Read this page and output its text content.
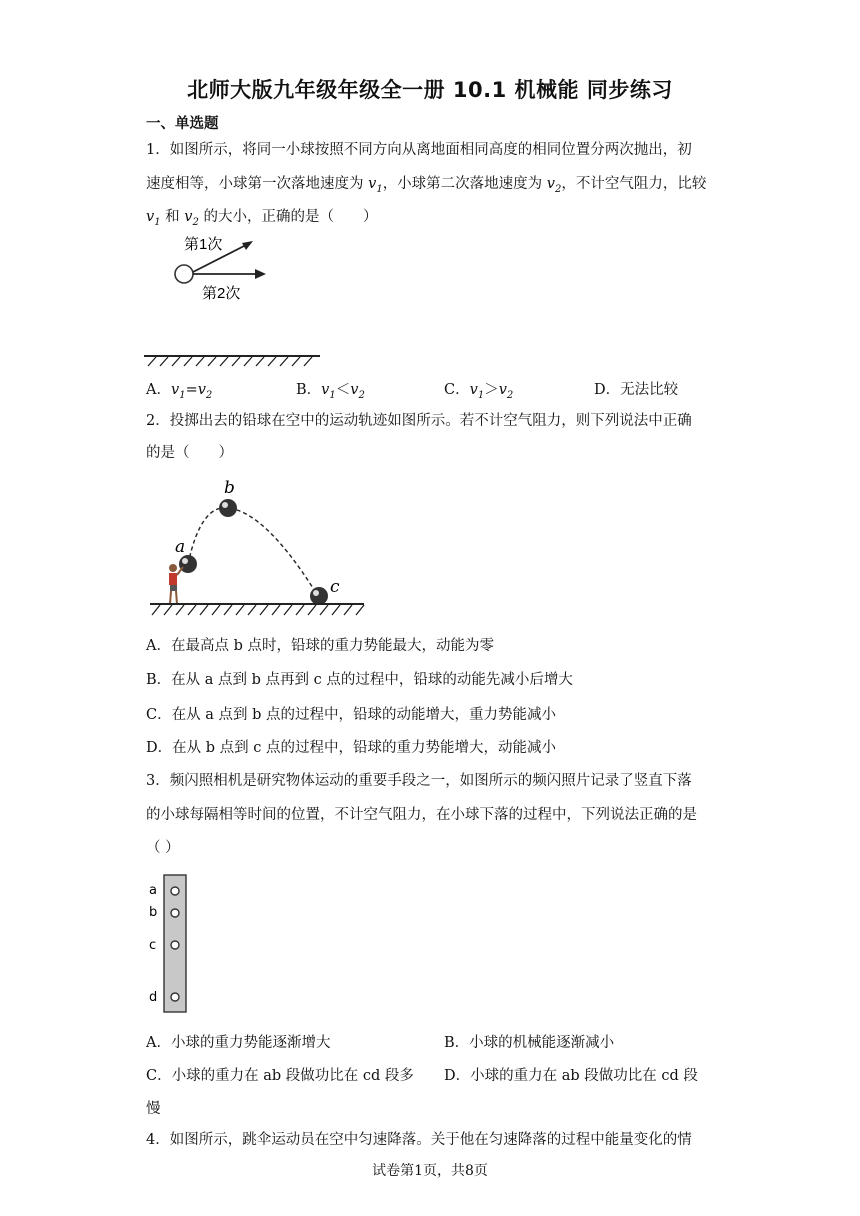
北师大版九年级年级全一册 10.1 机械能 同步练习
一、单选题
1．如图所示，将同一小球按照不同方向从离地面相同高度的相同位置分两次抛出，初
速度相等，小球第一次落地速度为 $v_1$，小球第二次落地速度为 $v_2$，不计空气阻力，比较
$v_1$ 和 $v_2$ 的大小，正确的是（　　）
第1次
第2次
A．$v_1=v_2$	B．$v_1<v_2$	C．$v_1>v_2$	D．无法比较
2．投掷出去的铅球在空中的运动轨迹如图所示。若不计空气阻力，则下列说法中正确
的是（　　）
a
b
c
A．在最高点 b 点时，铅球的重力势能最大，动能为零
B．在从 a 点到 b 点再到 c 点的过程中，铅球的动能先减小后增大
C．在从 a 点到 b 点的过程中，铅球的动能增大，重力势能减小
D．在从 b 点到 c 点的过程中，铅球的重力势能增大，动能减小
3．频闪照相机是研究物体运动的重要手段之一，如图所示的频闪照片记录了竖直下落
的小球每隔相等时间的位置，不计空气阻力，在小球下落的过程中，下列说法正确的是
（ ）
a
b
c
d
A．小球的重力势能逐渐增大	B．小球的机械能逐渐减小
C．小球的重力在 ab 段做功比在 cd 段多 D．小球的重力在 ab 段做功比在 cd 段
慢
4．如图所示，跳伞运动员在空中匀速降落。关于他在匀速降落的过程中能量变化的情
试卷第1页，共8页
